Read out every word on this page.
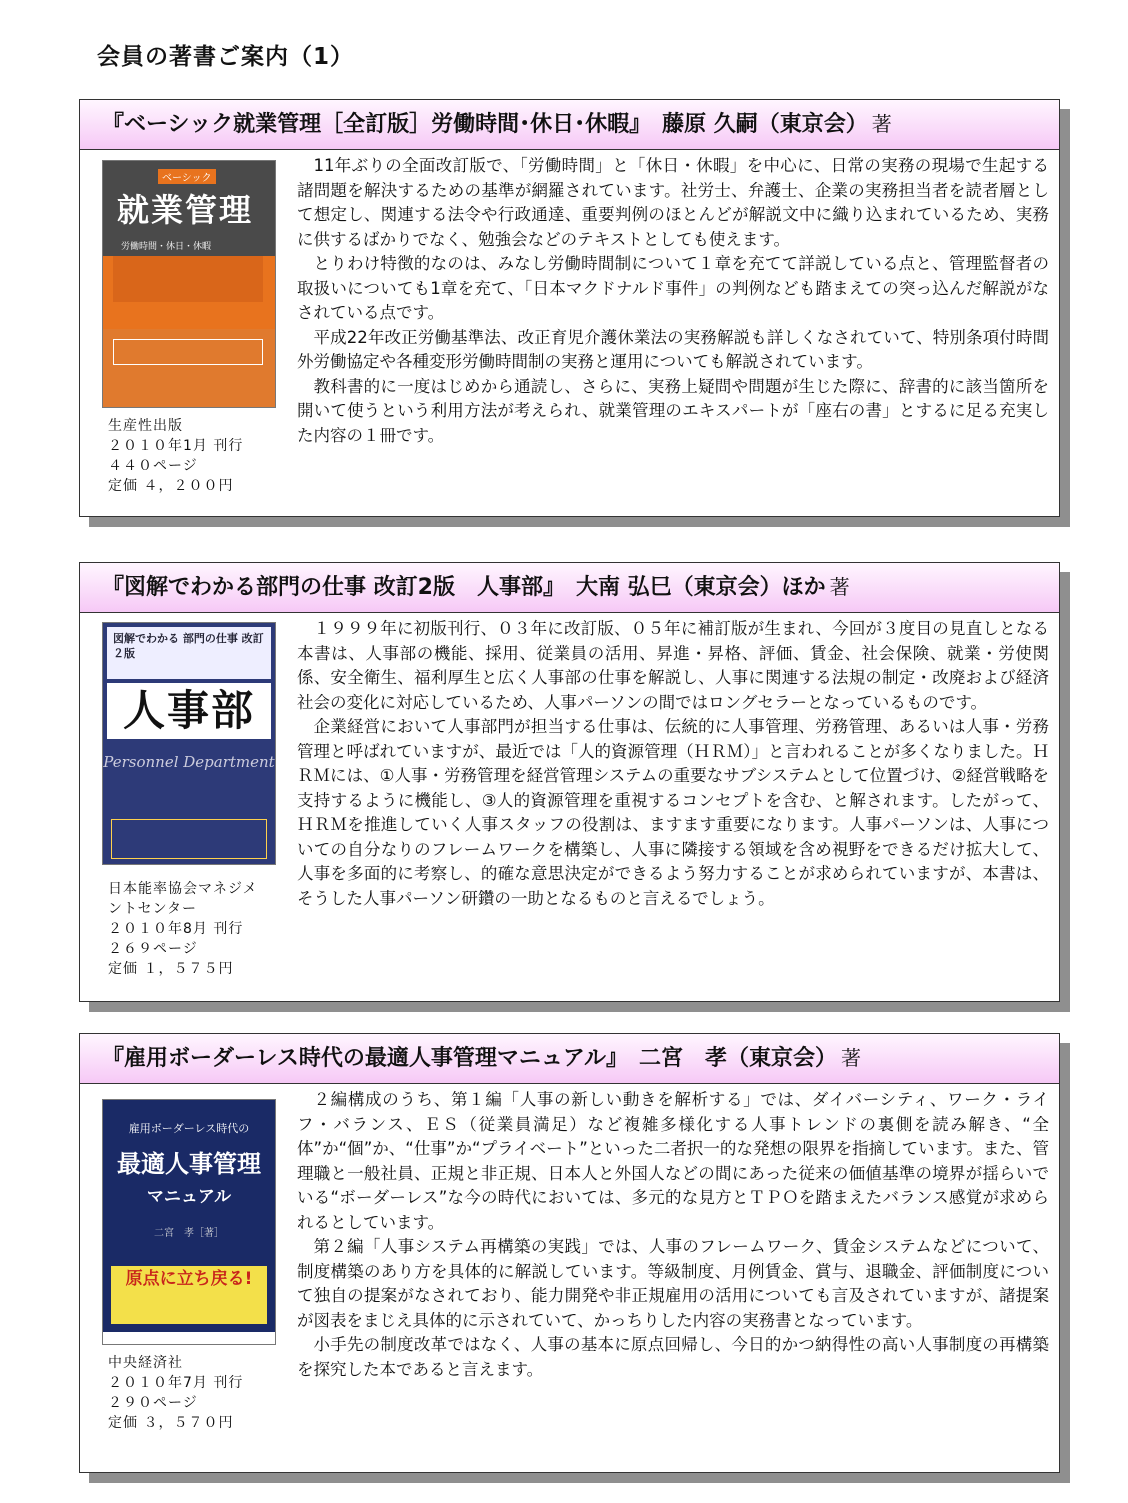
会員の著書ご案内（1）
『ベーシック就業管理［全訂版］労働時間･休日･休暇』　藤原 久嗣（東京会） 著
ベーシック
就業管理
労働時間・休日・休暇
生産性出版
２０１０年1月 刊行
４４０ページ
定価 ４，２００円

11年ぶりの全面改訂版で、「労働時間」と「休日・休暇」を中心に、日常の実務の現場で生起する諸問題を解決するための基準が網羅されています。社労士、弁護士、企業の実務担当者を読者層として想定し、関連する法令や行政通達、重要判例のほとんどが解説文中に織り込まれているため、実務に供するばかりでなく、勉強会などのテキストとしても使えます。

とりわけ特徴的なのは、みなし労働時間制について１章を充てて詳説している点と、管理監督者の取扱いについても1章を充て、「日本マクドナルド事件」の判例なども踏まえての突っ込んだ解説がなされている点です。

平成22年改正労働基準法、改正育児介護休業法の実務解説も詳しくなされていて、特別条項付時間外労働協定や各種変形労働時間制の実務と運用についても解説されています。

教科書的に一度はじめから通読し、さらに、実務上疑問や問題が生じた際に、辞書的に該当箇所を開いて使うという利用方法が考えられ、就業管理のエキスパートが「座右の書」とするに足る充実した内容の１冊です。

『図解でわかる部門の仕事 改訂2版　人事部』　大南 弘巳（東京会）ほか 著
図解でわかる 部門の仕事 改訂２版
人事部
Personnel Department
日本能率協会マネジメントセンター
２０１０年8月 刊行
２６９ページ
定価 １，５７５円

１９９９年に初版刊行、０３年に改訂版、０５年に補訂版が生まれ、今回が３度目の見直しとなる本書は、人事部の機能、採用、従業員の活用、昇進・昇格、評価、賃金、社会保険、就業・労使関係、安全衛生、福利厚生と広く人事部の仕事を解説し、人事に関連する法規の制定・改廃および経済社会の変化に対応しているため、人事パーソンの間ではロングセラーとなっているものです。

企業経営において人事部門が担当する仕事は、伝統的に人事管理、労務管理、あるいは人事・労務管理と呼ばれていますが、最近では「人的資源管理（ＨＲＭ）」と言われることが多くなりました。ＨＲＭには、①人事・労務管理を経営管理システムの重要なサブシステムとして位置づけ、②経営戦略を支持するように機能し、③人的資源管理を重視するコンセプトを含む、と解されます。したがって、ＨＲＭを推進していく人事スタッフの役割は、ますます重要になります。人事パーソンは、人事についての自分なりのフレームワークを構築し、人事に隣接する領域を含め視野をできるだけ拡大して、人事を多面的に考察し、的確な意思決定ができるよう努力することが求められていますが、本書は、そうした人事パーソン研鑽の一助となるものと言えるでしょう。

『雇用ボーダーレス時代の最適人事管理マニュアル』　二宮　孝（東京会） 著
雇用ボーダーレス時代の
最適人事管理
マニュアル
二宮　孝［著］
原点に立ち戻る!
中央経済社
２０１０年7月 刊行
２９０ページ
定価 ３，５７０円

２編構成のうち、第１編「人事の新しい動きを解析する」では、ダイバーシティ、ワーク・ライフ・バランス、ＥＳ（従業員満足）など複雑多様化する人事トレンドの裏側を読み解き、“全体”か“個”か、“仕事”か“プライベート”といった二者択一的な発想の限界を指摘しています。また、管理職と一般社員、正規と非正規、日本人と外国人などの間にあった従来の価値基準の境界が揺らいでいる“ボーダーレス”な今の時代においては、多元的な見方とＴＰＯを踏まえたバランス感覚が求められるとしています。

第２編「人事システム再構築の実践」では、人事のフレームワーク、賃金システムなどについて、制度構築のあり方を具体的に解説しています。等級制度、月例賃金、賞与、退職金、評価制度について独自の提案がなされており、能力開発や非正規雇用の活用についても言及されていますが、諸提案が図表をまじえ具体的に示されていて、かっちりした内容の実務書となっています。

小手先の制度改革ではなく、人事の基本に原点回帰し、今日的かつ納得性の高い人事制度の再構築を探究した本であると言えます。
